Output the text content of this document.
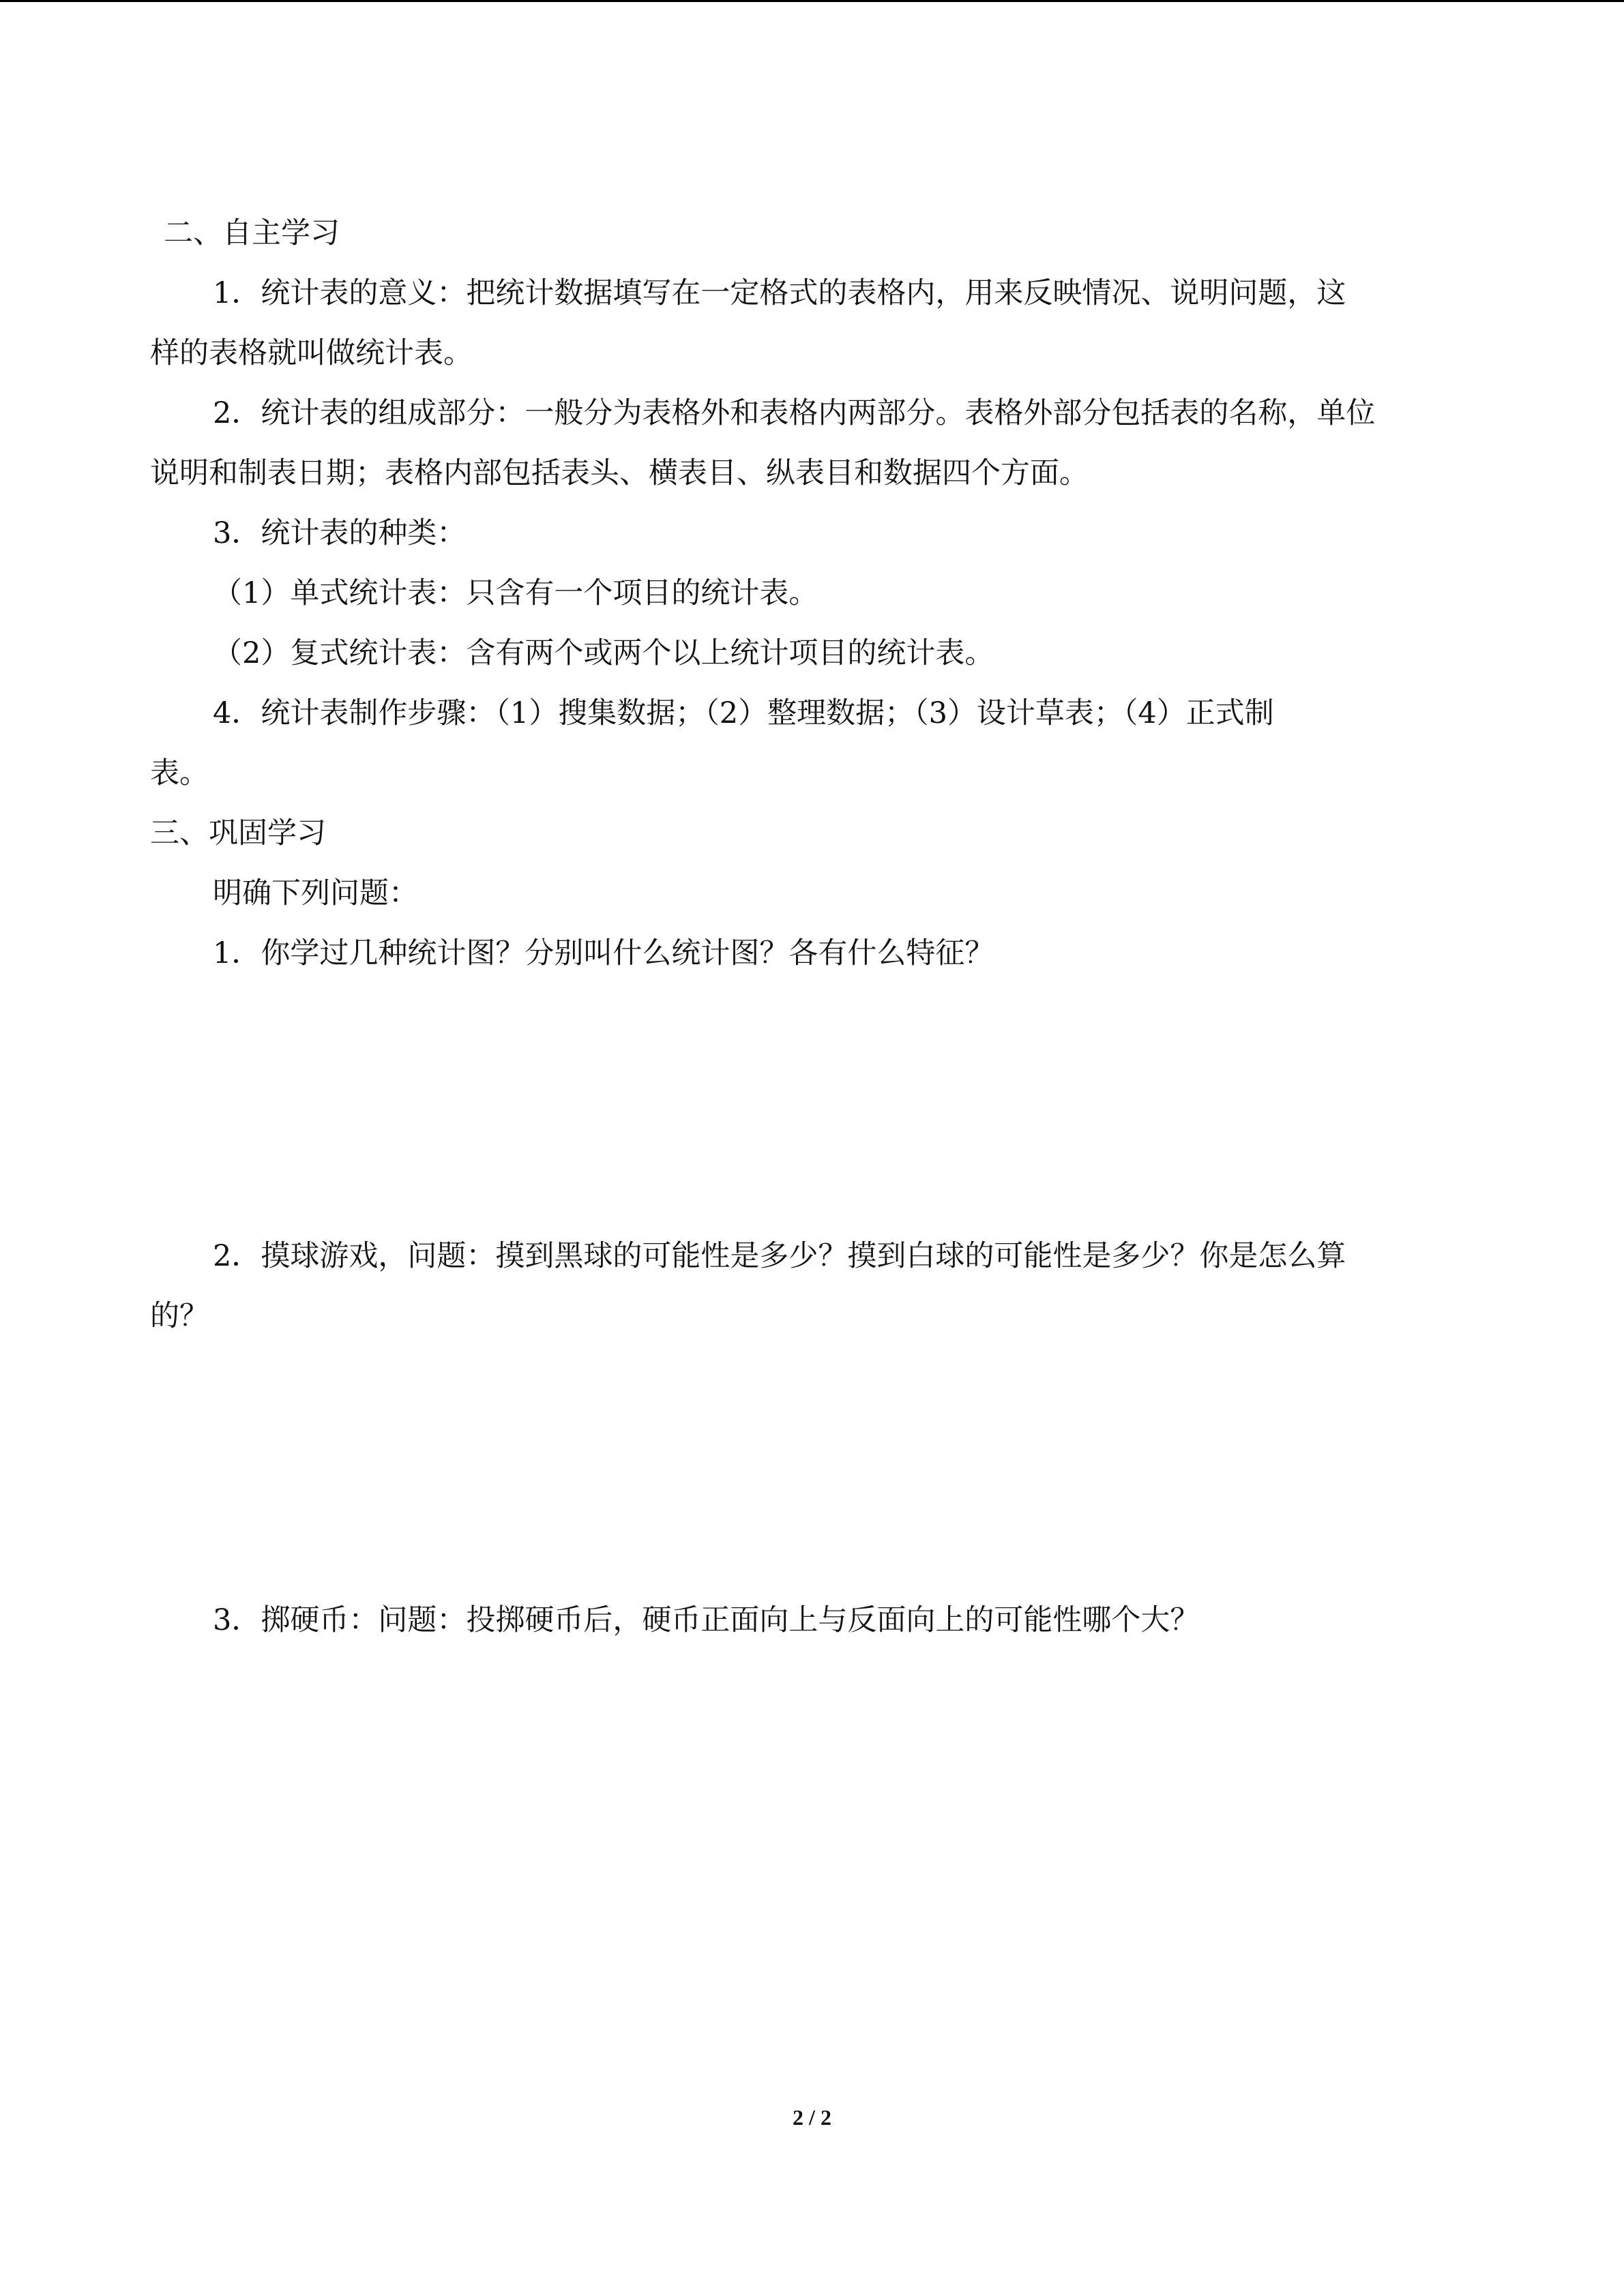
二、自主学习
1．统计表的意义：把统计数据填写在一定格式的表格内，用来反映情况、说明问题，这
样的表格就叫做统计表。
2．统计表的组成部分：一般分为表格外和表格内两部分。表格外部分包括表的名称，单位
说明和制表日期；表格内部包括表头、横表目、纵表目和数据四个方面。
3．统计表的种类：
（1）单式统计表：只含有一个项目的统计表。
（2）复式统计表：含有两个或两个以上统计项目的统计表。
4．统计表制作步骤：（1）搜集数据；（2）整理数据；（3）设计草表；（4）正式制
表。
三、巩固学习
明确下列问题：
1．你学过几种统计图？分别叫什么统计图？各有什么特征？
2．摸球游戏，问题：摸到黑球的可能性是多少？摸到白球的可能性是多少？你是怎么算
的？
3．掷硬币：问题：投掷硬币后，硬币正面向上与反面向上的可能性哪个大？
2 / 2
